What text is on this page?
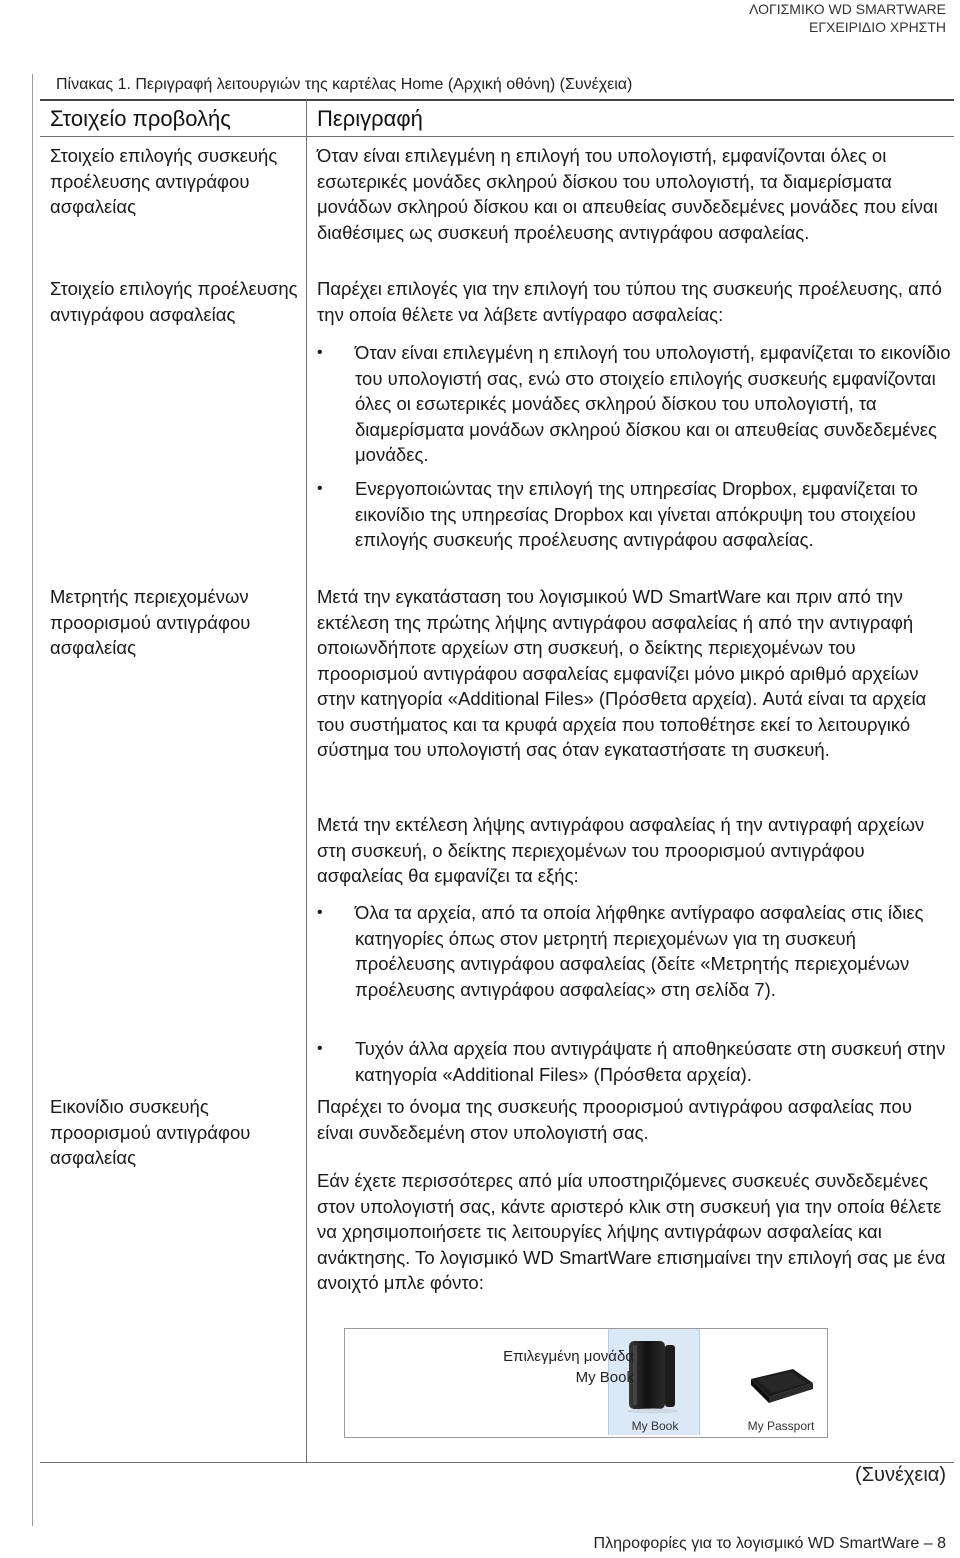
ΛΟΓΙΣΜΙΚΟ WD SMARTWARE
ΕΓΧΕΙΡΙΔΙΟ ΧΡΗΣΤΗ
Πίνακας 1. Περιγραφή λειτουργιών της καρτέλας Home (Αρχική οθόνη) (Συνέχεια)
Στοιχείο προβολής	Περιγραφή
Στοιχείο επιλογής συσκευής προέλευσης αντιγράφου ασφαλείας
Όταν είναι επιλεγμένη η επιλογή του υπολογιστή, εμφανίζονται όλες οι εσωτερικές μονάδες σκληρού δίσκου του υπολογιστή, τα διαμερίσματα μονάδων σκληρού δίσκου και οι απευθείας συνδεδεμένες μονάδες που είναι διαθέσιμες ως συσκευή προέλευσης αντιγράφου ασφαλείας.
Στοιχείο επιλογής προέλευσης αντιγράφου ασφαλείας
Παρέχει επιλογές για την επιλογή του τύπου της συσκευής προέλευσης, από την οποία θέλετε να λάβετε αντίγραφο ασφαλείας:
• Όταν είναι επιλεγμένη η επιλογή του υπολογιστή, εμφανίζεται το εικονίδιο του υπολογιστή σας, ενώ στο στοιχείο επιλογής συσκευής εμφανίζονται όλες οι εσωτερικές μονάδες σκληρού δίσκου του υπολογιστή, τα διαμερίσματα μονάδων σκληρού δίσκου και οι απευθείας συνδεδεμένες μονάδες.
• Ενεργοποιώντας την επιλογή της υπηρεσίας Dropbox, εμφανίζεται το εικονίδιο της υπηρεσίας Dropbox και γίνεται απόκρυψη του στοιχείου επιλογής συσκευής προέλευσης αντιγράφου ασφαλείας.
Μετρητής περιεχομένων προορισμού αντιγράφου ασφαλείας
Μετά την εγκατάσταση του λογισμικού WD SmartWare και πριν από την εκτέλεση της πρώτης λήψης αντιγράφου ασφαλείας ή από την αντιγραφή οποιωνδήποτε αρχείων στη συσκευή, ο δείκτης περιεχομένων του προορισμού αντιγράφου ασφαλείας εμφανίζει μόνο μικρό αριθμό αρχείων στην κατηγορία «Additional Files» (Πρόσθετα αρχεία). Αυτά είναι τα αρχεία του συστήματος και τα κρυφά αρχεία που τοποθέτησε εκεί το λειτουργικό σύστημα του υπολογιστή σας όταν εγκαταστήσατε τη συσκευή.
Μετά την εκτέλεση λήψης αντιγράφου ασφαλείας ή την αντιγραφή αρχείων στη συσκευή, ο δείκτης περιεχομένων του προορισμού αντιγράφου ασφαλείας θα εμφανίζει τα εξής:
• Όλα τα αρχεία, από τα οποία λήφθηκε αντίγραφο ασφαλείας στις ίδιες κατηγορίες όπως στον μετρητή περιεχομένων για τη συσκευή προέλευσης αντιγράφου ασφαλείας (δείτε «Μετρητής περιεχομένων προέλευσης αντιγράφου ασφαλείας» στη σελίδα 7).
• Τυχόν άλλα αρχεία που αντιγράψατε ή αποθηκεύσατε στη συσκευή στην κατηγορία «Additional Files» (Πρόσθετα αρχεία).
Εικονίδιο συσκευής προορισμού αντιγράφου ασφαλείας
Παρέχει το όνομα της συσκευής προορισμού αντιγράφου ασφαλείας που είναι συνδεδεμένη στον υπολογιστή σας.
Εάν έχετε περισσότερες από μία υποστηριζόμενες συσκευές συνδεδεμένες στον υπολογιστή σας, κάντε αριστερό κλικ στη συσκευή για την οποία θέλετε να χρησιμοποιήσετε τις λειτουργίες λήψης αντιγράφων ασφαλείας και ανάκτησης. Το λογισμικό WD SmartWare επισημαίνει την επιλογή σας με ένα ανοιχτό μπλε φόντο:
My Book	My Passport
Επιλεγμένη μονάδα
My Book
(Συνέχεια)
Πληροφορίες για το λογισμικό WD SmartWare – 8
